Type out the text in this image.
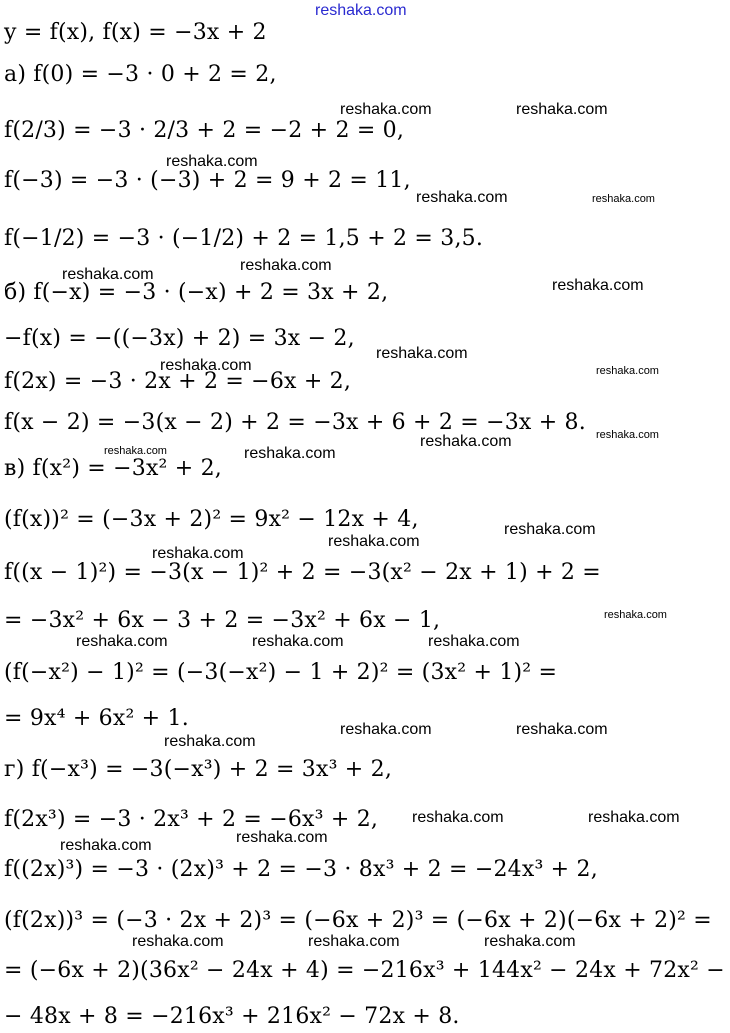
reshaka.com
y = f(x), f(x) = −3x + 2
а) f(0) = −3 · 0 + 2 = 2,
f(2/3) = −3 · 2/3 + 2 = −2 + 2 = 0,
f(−3) = −3 · (−3) + 2 = 9 + 2 = 11,
f(−1/2) = −3 · (−1/2) + 2 = 1,5 + 2 = 3,5.
б) f(−x) = −3 · (−x) + 2 = 3x + 2,
−f(x) = −((−3x) + 2) = 3x − 2,
f(2x) = −3 · 2x + 2 = −6x + 2,
f(x − 2) = −3(x − 2) + 2 = −3x + 6 + 2 = −3x + 8.
в) f(x²) = −3x² + 2,
(f(x))² = (−3x + 2)² = 9x² − 12x + 4,
f((x − 1)²) = −3(x − 1)² + 2 = −3(x² − 2x + 1) + 2 =
= −3x² + 6x − 3 + 2 = −3x² + 6x − 1,
(f(−x²) − 1)² = (−3(−x²) − 1 + 2)² = (3x² + 1)² =
= 9x⁴ + 6x² + 1.
г) f(−x³) = −3(−x³) + 2 = 3x³ + 2,
f(2x³) = −3 · 2x³ + 2 = −6x³ + 2,
f((2x)³) = −3 · (2x)³ + 2 = −3 · 8x³ + 2 = −24x³ + 2,
(f(2x))³ = (−3 · 2x + 2)³ = (−6x + 2)³ = (−6x + 2)(−6x + 2)² =
= (−6x + 2)(36x² − 24x + 4) = −216x³ + 144x² − 24x + 72x² −
− 48x + 8 = −216x³ + 216x² − 72x + 8.
reshaka.com	reshaka.com
reshaka.com
reshaka.com	reshaka.com
reshaka.com
reshaka.com
reshaka.com
reshaka.com
reshaka.com	reshaka.com
reshaka.com	reshaka.com
reshaka.com	reshaka.com
reshaka.com
reshaka.com
reshaka.com
reshaka.com
reshaka.com	reshaka.com	reshaka.com
reshaka.com	reshaka.com
reshaka.com
reshaka.com	reshaka.com
reshaka.com
reshaka.com
reshaka.com	reshaka.com	reshaka.com
